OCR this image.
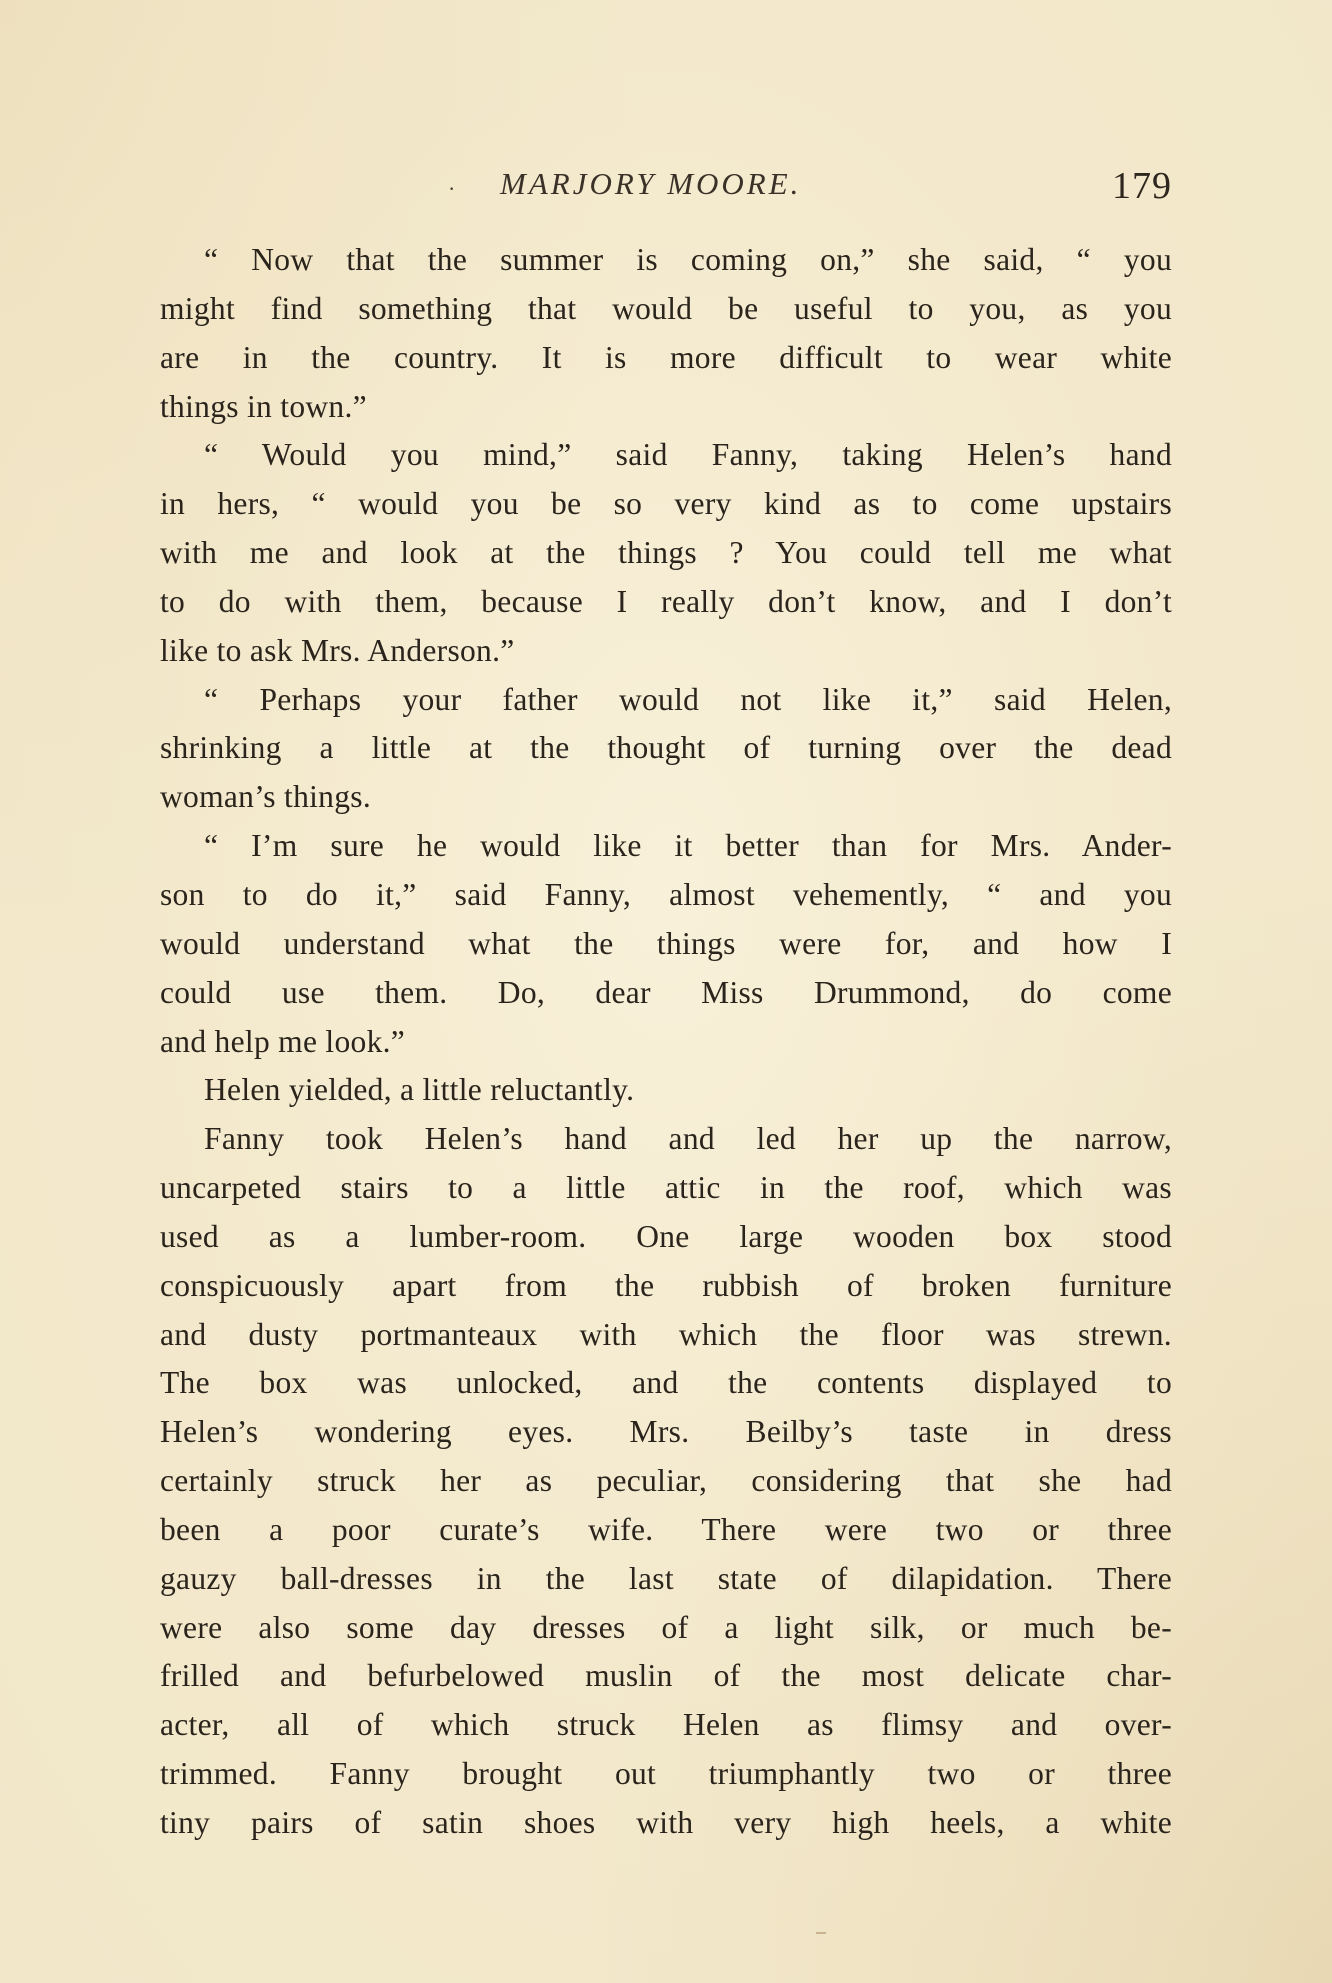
· MARJORY MOORE.	179
“ Now that the summer is coming on,” she said, “ you
might find something that would be useful to you, as you
are in the country. It is more difficult to wear white
things in town.”
“ Would you mind,” said Fanny, taking Helen’s hand
in hers, “ would you be so very kind as to come upstairs
with me and look at the things ? You could tell me what
to do with them, because I really don’t know, and I don’t
like to ask Mrs. Anderson.”
“ Perhaps your father would not like it,” said Helen,
shrinking a little at the thought of turning over the dead
woman’s things.
“ I’m sure he would like it better than for Mrs. Ander-
son to do it,” said Fanny, almost vehemently, “ and you
would understand what the things were for, and how I
could use them. Do, dear Miss Drummond, do come
and help me look.”
Helen yielded, a little reluctantly.
Fanny took Helen’s hand and led her up the narrow,
uncarpeted stairs to a little attic in the roof, which was
used as a lumber-room. One large wooden box stood
conspicuously apart from the rubbish of broken furniture
and dusty portmanteaux with which the floor was strewn.
The box was unlocked, and the contents displayed to
Helen’s wondering eyes. Mrs. Beilby’s taste in dress
certainly struck her as peculiar, considering that she had
been a poor curate’s wife. There were two or three
gauzy ball-dresses in the last state of dilapidation. There
were also some day dresses of a light silk, or much be-
frilled and befurbelowed muslin of the most delicate char-
acter, all of which struck Helen as flimsy and over-
trimmed. Fanny brought out triumphantly two or three
tiny pairs of satin shoes with very high heels, a white
